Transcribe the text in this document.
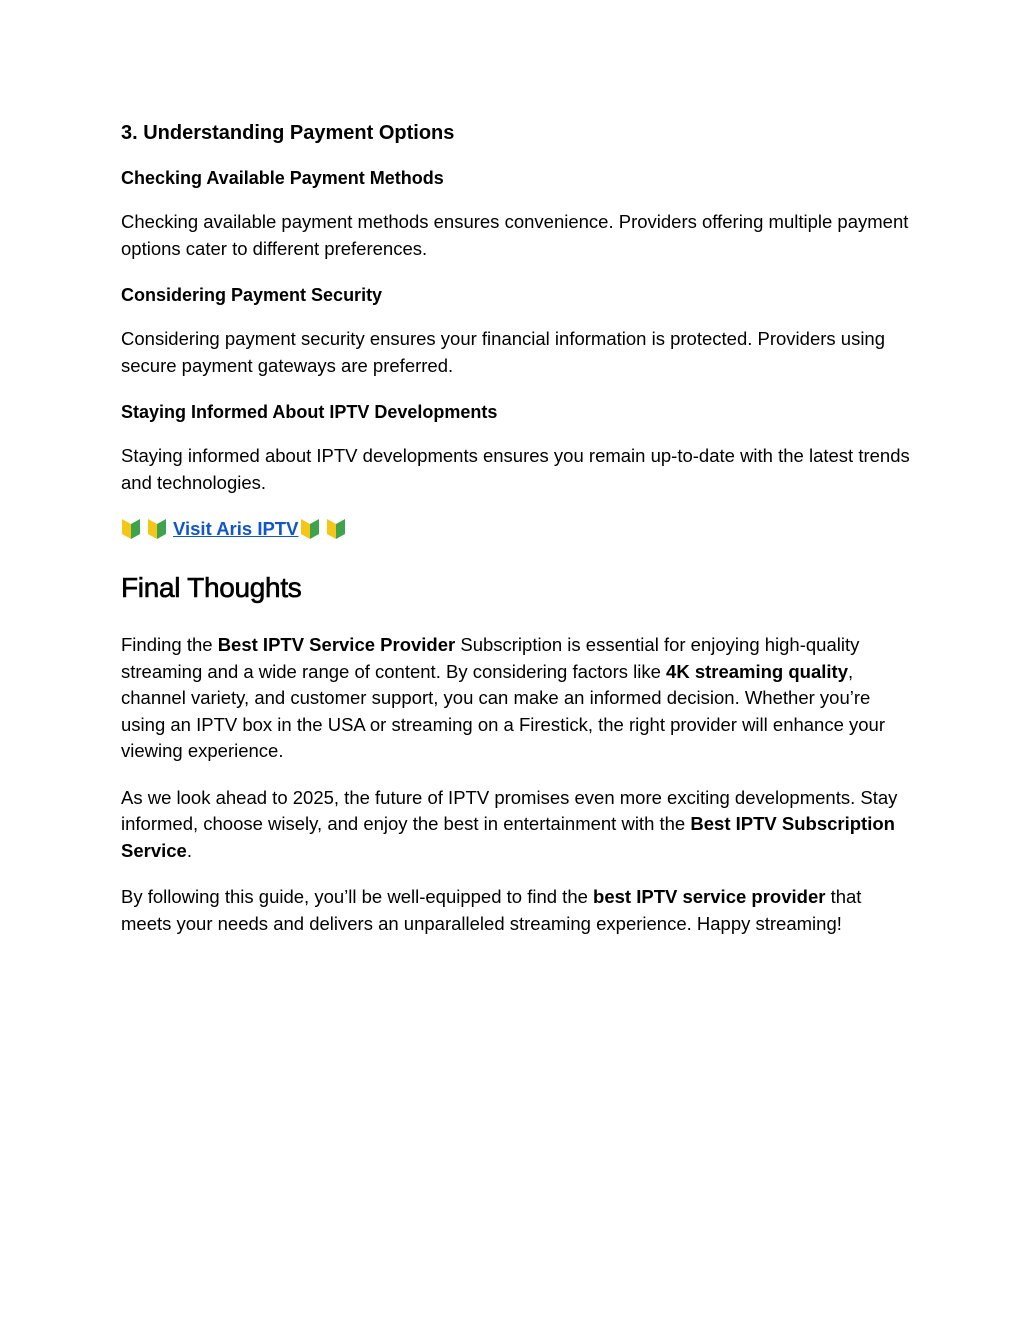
3. Understanding Payment Options
Checking Available Payment Methods
Checking available payment methods ensures convenience. Providers offering multiple payment options cater to different preferences.
Considering Payment Security
Considering payment security ensures your financial information is protected. Providers using secure payment gateways are preferred.
Staying Informed About IPTV Developments
Staying informed about IPTV developments ensures you remain up-to-date with the latest trends and technologies.
Visit Aris IPTV
Final Thoughts
Finding the Best IPTV Service Provider Subscription is essential for enjoying high-quality streaming and a wide range of content. By considering factors like 4K streaming quality, channel variety, and customer support, you can make an informed decision. Whether you’re using an IPTV box in the USA or streaming on a Firestick, the right provider will enhance your viewing experience.
As we look ahead to 2025, the future of IPTV promises even more exciting developments. Stay informed, choose wisely, and enjoy the best in entertainment with the Best IPTV Subscription Service.
By following this guide, you’ll be well-equipped to find the best IPTV service provider that meets your needs and delivers an unparalleled streaming experience. Happy streaming!
